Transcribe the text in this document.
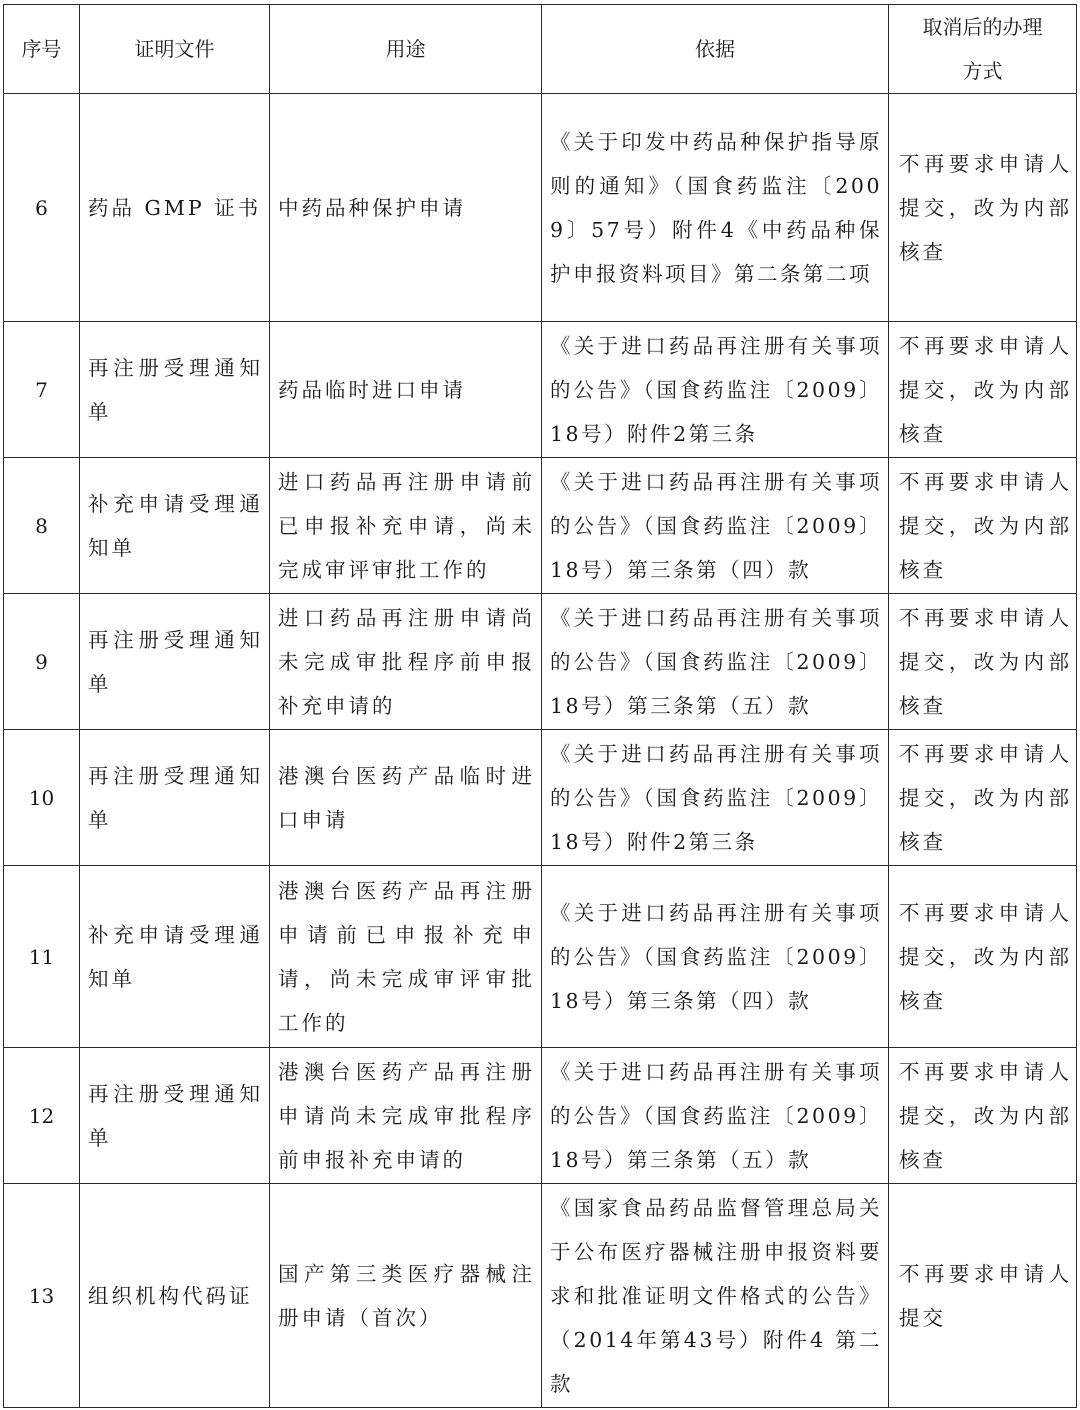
序号	证明文件	用途	依据	取消后的办理方式
6	药品 GMP 证书	中药品种保护申请	《关于印发中药品种保护指导原则的通知》（国食药监注〔2009〕57号）附件4《中药品种保护申报资料项目》第二条第二项	不再要求申请人提交，改为内部核查
7	再注册受理通知单	药品临时进口申请	《关于进口药品再注册有关事项的公告》（国食药监注〔2009〕18号）附件2第三条	不再要求申请人提交，改为内部核查
8	补充申请受理通知单	进口药品再注册申请前已申报补充申请，尚未完成审评审批工作的	《关于进口药品再注册有关事项的公告》（国食药监注〔2009〕18号）第三条第（四）款	不再要求申请人提交，改为内部核查
9	再注册受理通知单	进口药品再注册申请尚未完成审批程序前申报补充申请的	《关于进口药品再注册有关事项的公告》（国食药监注〔2009〕18号）第三条第（五）款	不再要求申请人提交，改为内部核查
10	再注册受理通知单	港澳台医药产品临时进口申请	《关于进口药品再注册有关事项的公告》（国食药监注〔2009〕18号）附件2第三条	不再要求申请人提交，改为内部核查
11	补充申请受理通知单	港澳台医药产品再注册申请前已申报补充申请，尚未完成审评审批工作的	《关于进口药品再注册有关事项的公告》（国食药监注〔2009〕18号）第三条第（四）款	不再要求申请人提交，改为内部核查
12	再注册受理通知单	港澳台医药产品再注册申请尚未完成审批程序前申报补充申请的	《关于进口药品再注册有关事项的公告》（国食药监注〔2009〕18号）第三条第（五）款	不再要求申请人提交，改为内部核查
13	组织机构代码证	国产第三类医疗器械注册申请（首次）	《国家食品药品监督管理总局关于公布医疗器械注册申报资料要求和批准证明文件格式的公告》（2014年第43号）附件4 第二款	不再要求申请人提交
